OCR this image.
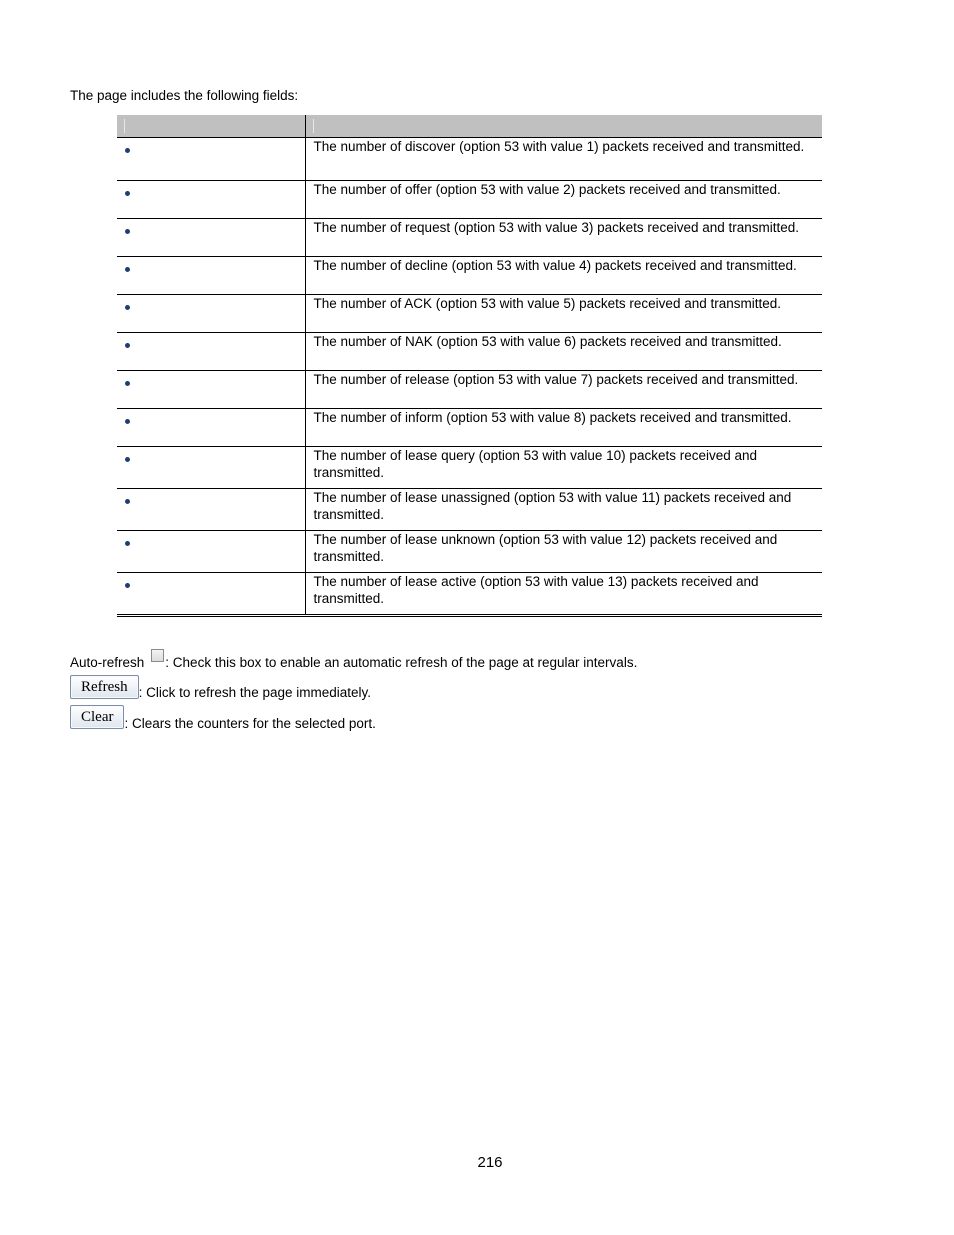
The page includes the following fields:

	The number of discover (option 53 with value 1) packets received and transmitted.
	The number of offer (option 53 with value 2) packets received and transmitted.
	The number of request (option 53 with value 3) packets received and transmitted.
	The number of decline (option 53 with value 4) packets received and transmitted.
	The number of ACK (option 53 with value 5) packets received and transmitted.
	The number of NAK (option 53 with value 6) packets received and transmitted.
	The number of release (option 53 with value 7) packets received and transmitted.
	The number of inform (option 53 with value 8) packets received and transmitted.
	The number of lease query (option 53 with value 10) packets received and transmitted.
	The number of lease unassigned (option 53 with value 11) packets received and transmitted.
	The number of lease unknown (option 53 with value 12) packets received and transmitted.
	The number of lease active (option 53 with value 13) packets received and transmitted.
Auto-refresh : Check this box to enable an automatic refresh of the page at regular intervals.
Refresh : Click to refresh the page immediately.
Clear : Clears the counters for the selected port.
216
